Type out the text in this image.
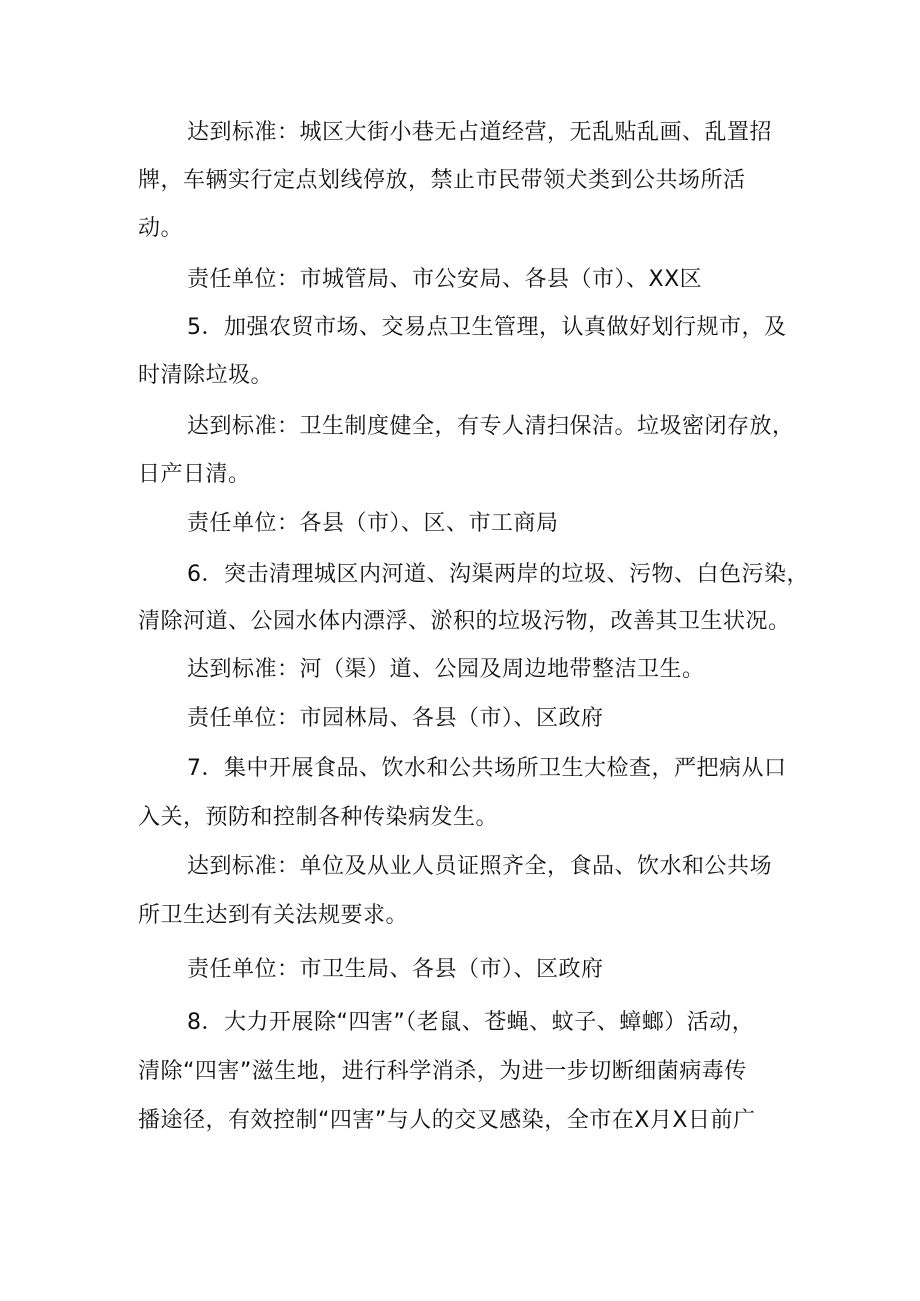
达到标准：城区大街小巷无占道经营，无乱贴乱画、乱置招
牌，车辆实行定点划线停放，禁止市民带领犬类到公共场所活
动。
责任单位：市城管局、市公安局、各县（市）、XX区
5．加强农贸市场、交易点卫生管理，认真做好划行规市，及
时清除垃圾。
达到标准：卫生制度健全，有专人清扫保洁。垃圾密闭存放，
日产日清。
责任单位：各县（市）、区、市工商局
6．突击清理城区内河道、沟渠两岸的垃圾、污物、白色污染，
清除河道、公园水体内漂浮、淤积的垃圾污物，改善其卫生状况。
达到标准：河（渠）道、公园及周边地带整洁卫生。
责任单位：市园林局、各县（市）、区政府
7．集中开展食品、饮水和公共场所卫生大检查，严把病从口
入关，预防和控制各种传染病发生。
达到标准：单位及从业人员证照齐全，食品、饮水和公共场
所卫生达到有关法规要求。
责任单位：市卫生局、各县（市）、区政府
8．大力开展除“四害”（老鼠、苍蝇、蚊子、蟑螂）活动，
清除“四害”滋生地，进行科学消杀，为进一步切断细菌病毒传
播途径，有效控制“四害”与人的交叉感染，全市在X月X日前广
